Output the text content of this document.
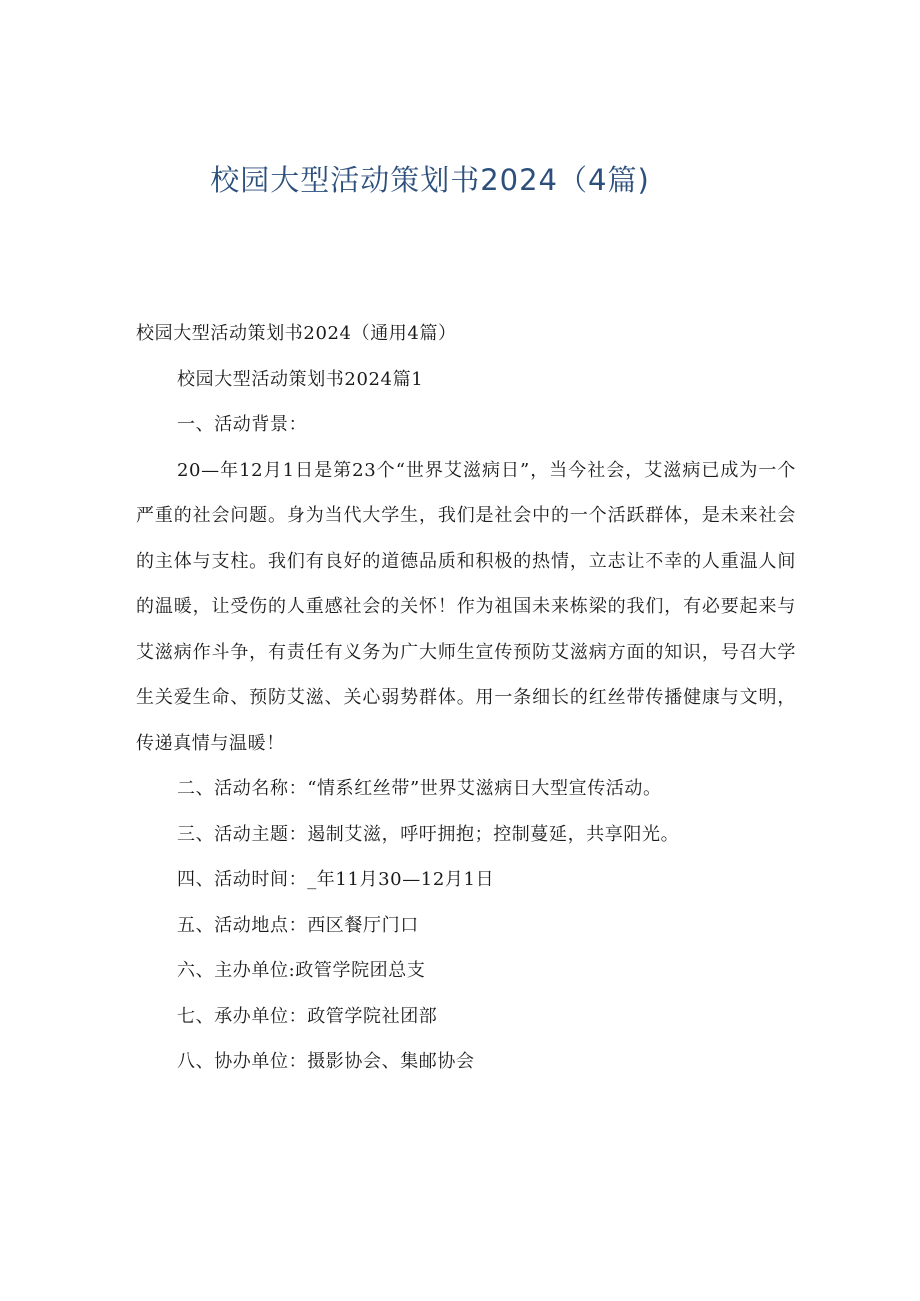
校园大型活动策划书2024（4篇)

校园大型活动策划书2024（通用4篇）

校园大型活动策划书2024篇1

一、活动背景：

20—年12月1日是第23个“世界艾滋病日”，当今社会，艾滋病已成为一个严重的社会问题。身为当代大学生，我们是社会中的一个活跃群体，是未来社会的主体与支柱。我们有良好的道德品质和积极的热情，立志让不幸的人重温人间的温暖，让受伤的人重感社会的关怀！作为祖国未来栋梁的我们，有必要起来与艾滋病作斗争，有责任有义务为广大师生宣传预防艾滋病方面的知识，号召大学生关爱生命、预防艾滋、关心弱势群体。用一条细长的红丝带传播健康与文明，传递真情与温暖！

二、活动名称：“情系红丝带”世界艾滋病日大型宣传活动。

三、活动主题：遏制艾滋，呼吁拥抱；控制蔓延，共享阳光。

四、活动时间：_年11月30—12月1日

五、活动地点：西区餐厅门口

六、主办单位:政管学院团总支

七、承办单位：政管学院社团部

八、协办单位：摄影协会、集邮协会
